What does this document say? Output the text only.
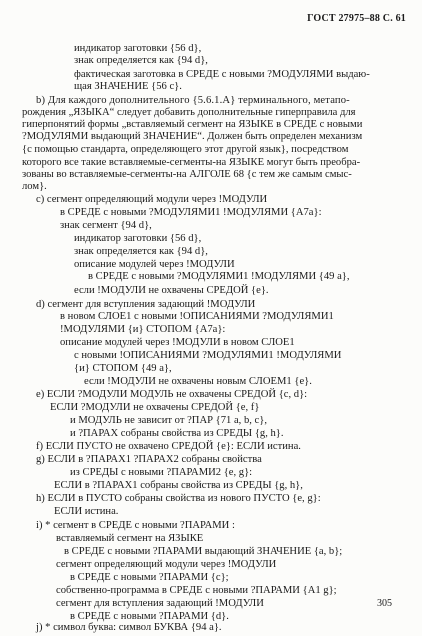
ГОСТ 27975–88 С. 61
индикатор заготовки {56 d},
знак определяется как {94 d},
фактическая заготовка в СРЕДЕ с новыми ?МОДУЛЯМИ выдаю-
щая ЗНАЧЕНИЕ {56 c}.
b) Для каждого дополнительного {5.6.1.A} терминального, метапо-
рождения „ЯЗЫКА“ следует добавить дополнительные гиперправила для
гиперпонятий формы „вставляемый сегмент на ЯЗЫКЕ в СРЕДЕ с новыми
?МОДУЛЯМИ выдающий ЗНАЧЕНИЕ“. Должен быть определен механизм
{с помощью стандарта, определяющего этот другой язык}, посредством
которого все такие вставляемые-сегменты-на ЯЗЫКЕ могут быть преобра-
зованы во вставляемые-сегменты-на АЛГОЛЕ 68 {с тем же самым смыс-
лом}.
c) сегмент определяющий модули через !МОДУЛИ
в СРЕДЕ с новыми ?МОДУЛЯМИ1 !МОДУЛЯМИ {A7a}:
знак сегмент {94 d},
индикатор заготовки {56 d},
знак определяется как {94 d},
описание модулей через !МОДУЛИ
в СРЕДЕ с новыми ?МОДУЛЯМИ1 !МОДУЛЯМИ {49 a},
если !МОДУЛИ не охвачены СРЕДОЙ {e}.
d) сегмент для вступления задающий !МОДУЛИ
в новом СЛОЕ1 с новыми !ОПИСАНИЯМИ ?МОДУЛЯМИ1
!МОДУЛЯМИ {и} СТОПОМ {A7a}:
описание модулей через !МОДУЛИ в новом СЛОЕ1
с новыми !ОПИСАНИЯМИ ?МОДУЛЯМИ1 !МОДУЛЯМИ
{и} СТОПОМ {49 a},
если !МОДУЛИ не охвачены новым СЛОЕМ1 {e}.
e) ЕСЛИ ?МОДУЛИ МОДУЛЬ не охвачены СРЕДОЙ {с, d}:
ЕСЛИ ?МОДУЛИ не охвачены СРЕДОЙ {e, f}
и МОДУЛЬ не зависит от ?ПАР {71 a, b, c},
и ?ПАРАХ собраны свойства из СРЕДЫ {g, h}.
f) ЕСЛИ ПУСТО не охвачено СРЕДОЙ {e}: ЕСЛИ истина.
g) ЕСЛИ в ?ПАРАХ1 ?ПАРАХ2 собраны свойства
из СРЕДЫ с новыми ?ПАРАМИ2 {e, g}:
ЕСЛИ в ?ПАРАХ1 собраны свойства из СРЕДЫ {g, h},
h) ЕСЛИ в ПУСТО собраны свойства из нового ПУСТО {e, g}:
ЕСЛИ истина.
i) * сегмент в СРЕДЕ с новыми ?ПАРАМИ :
вставляемый сегмент на ЯЗЫКЕ
в СРЕДЕ с новыми ?ПАРАМИ выдающий ЗНАЧЕНИЕ {a, b};
сегмент определяющий модули через !МОДУЛИ
в СРЕДЕ с новыми ?ПАРАМИ {c};
собственно-программа в СРЕДЕ с новыми ?ПАРАМИ {A1 g};
сегмент для вступления задающий !МОДУЛИ
в СРЕДЕ с новыми ?ПАРАМИ {d}.
j) * символ буква: символ БУКВА {94 a}.
305
